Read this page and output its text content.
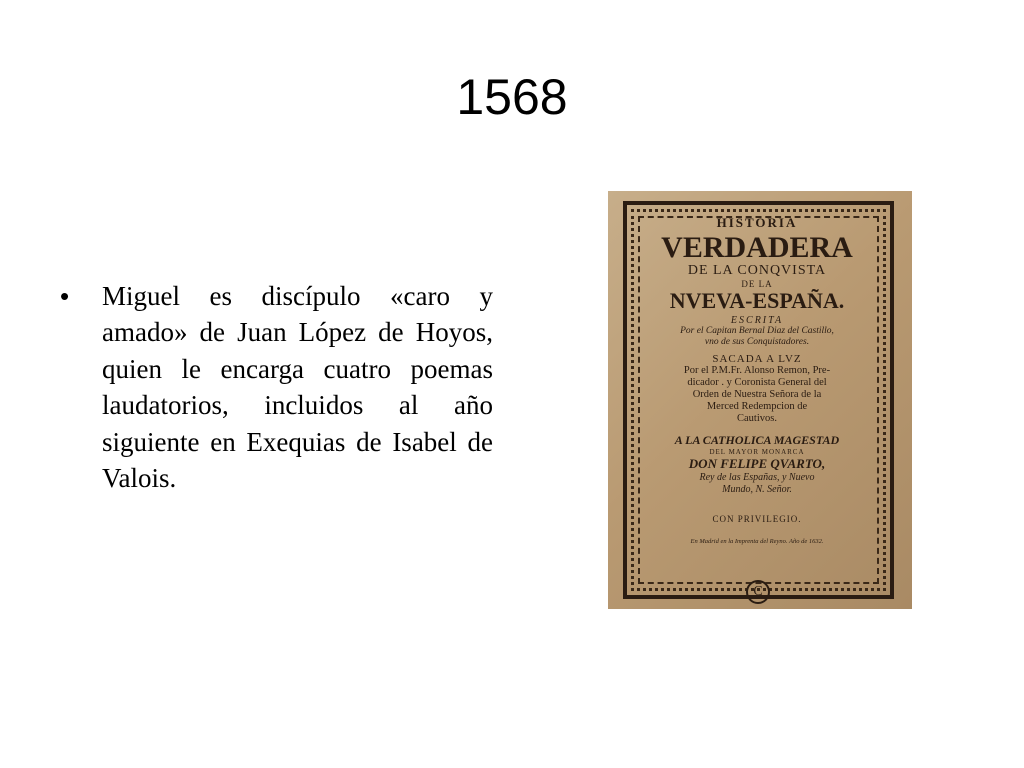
1568
• Miguel es discípulo «caro y amado» de Juan López de Hoyos, quien le encarga cuatro poemas laudatorios, incluidos al año siguiente en Exequias de Isabel de Valois.
HISTORIA
VERDADERA
DE LA CONQVISTA
DE LA
NVEVA-ESPAÑA.
ESCRITA
Por el Capitan Bernal Diaz del Castillo,
vno de sus Conquistadores.
SACADA A LVZ
Por el P.M.Fr. Alonso Remon, Pre-
dicador . y Coronista General del
Orden de Nuestra Señora de la
Merced Redempcion de
Cautivos.
A LA CATHOLICA MAGESTAD
DEL MAYOR MONARCA
DON FELIPE QVARTO,
Rey de las Españas, y Nuevo
Mundo, N. Señor.
CON PRIVILEGIO.
En Madrid en la Imprenta del Reyno. Año de 1632.
C
